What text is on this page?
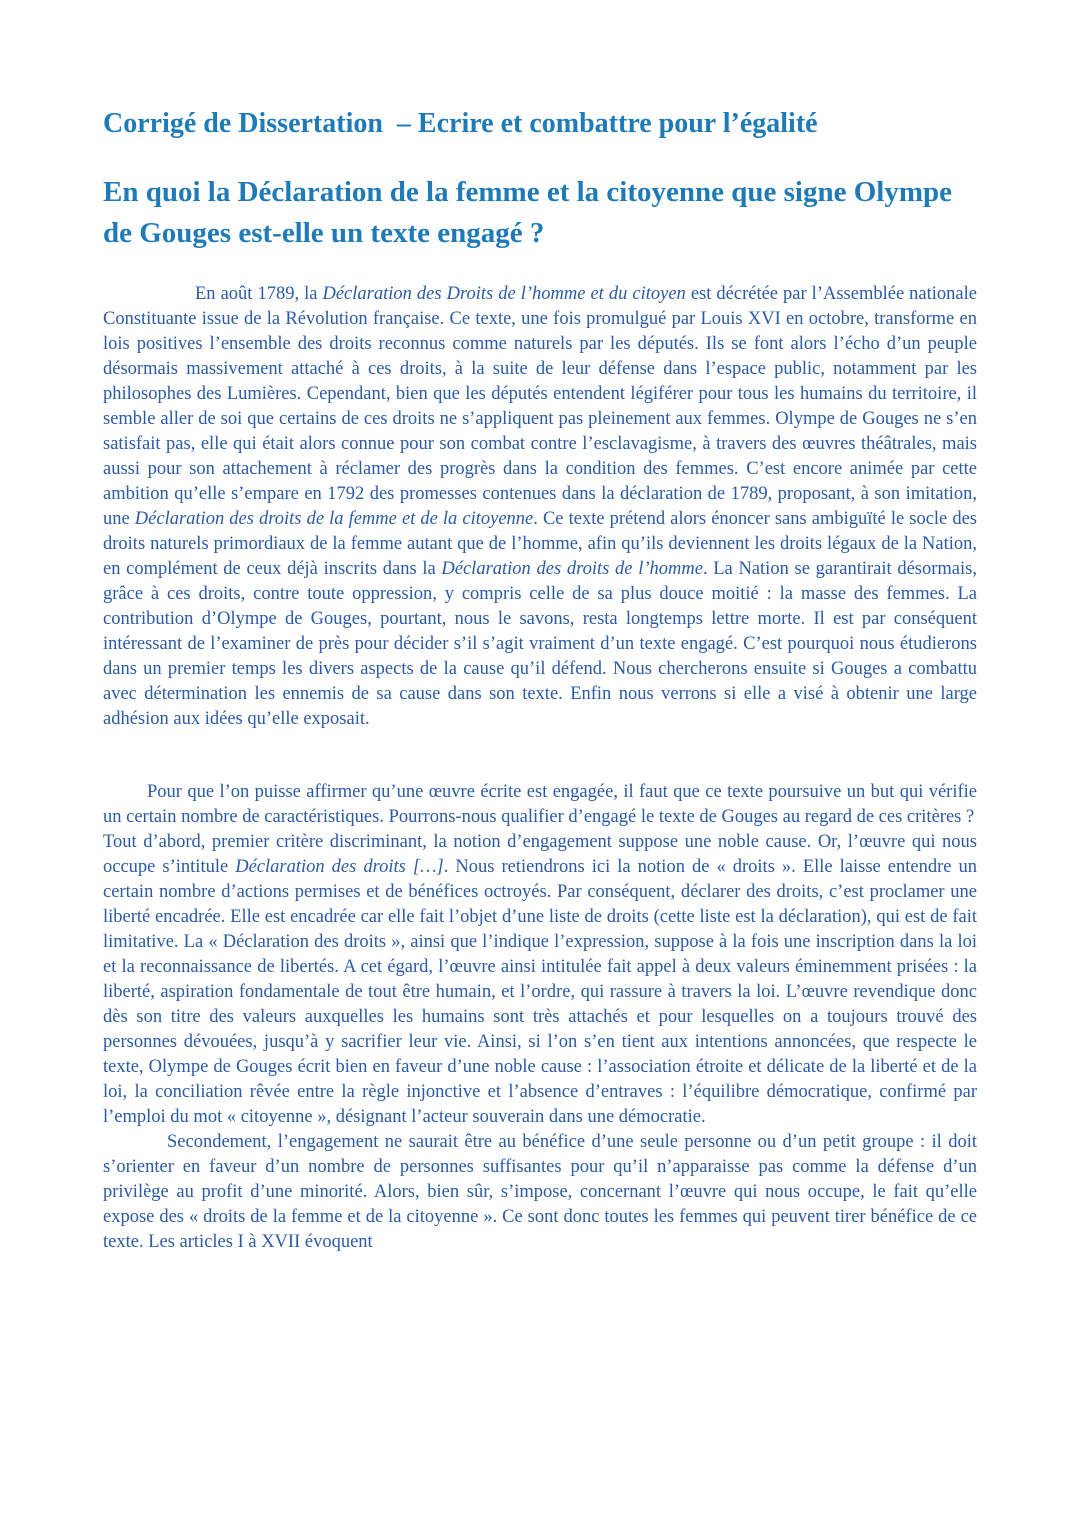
Corrigé de Dissertation  – Ecrire et combattre pour l’égalité
En quoi la Déclaration de la femme et la citoyenne que signe Olympe de Gouges est-elle un texte engagé ?

En août 1789, la Déclaration des Droits de l’homme et du citoyen est décrétée par l’Assemblée nationale Constituante issue de la Révolution française. Ce texte, une fois promulgué par Louis XVI en octobre, transforme en lois positives l’ensemble des droits reconnus comme naturels par les députés. Ils se font alors l’écho d’un peuple désormais massivement attaché à ces droits, à la suite de leur défense dans l’espace public, notamment par les philosophes des Lumières. Cependant, bien que les députés entendent légiférer pour tous les humains du territoire, il semble aller de soi que certains de ces droits ne s’appliquent pas pleinement aux femmes. Olympe de Gouges ne s’en satisfait pas, elle qui était alors connue pour son combat contre l’esclavagisme, à travers des œuvres théâtrales, mais aussi pour son attachement à réclamer des progrès dans la condition des femmes. C’est encore animée par cette ambition qu’elle s’empare en 1792 des promesses contenues dans la déclaration de 1789, proposant, à son imitation, une Déclaration des droits de la femme et de la citoyenne. Ce texte prétend alors énoncer sans ambiguïté le socle des droits naturels primordiaux de la femme autant que de l’homme, afin qu’ils deviennent les droits légaux de la Nation, en complément de ceux déjà inscrits dans la Déclaration des droits de l’homme. La Nation se garantirait désormais, grâce à ces droits, contre toute oppression, y compris celle de sa plus douce moitié : la masse des femmes. La contribution d’Olympe de Gouges, pourtant, nous le savons, resta longtemps lettre morte. Il est par conséquent intéressant de l’examiner de près pour décider s’il s’agit vraiment d’un texte engagé. C’est pourquoi nous étudierons dans un premier temps les divers aspects de la cause qu’il défend. Nous chercherons ensuite si Gouges a combattu avec détermination les ennemis de sa cause dans son texte. Enfin nous verrons si elle a visé à obtenir une large adhésion aux idées qu’elle exposait.

Pour que l’on puisse affirmer qu’une œuvre écrite est engagée, il faut que ce texte poursuive un but qui vérifie un certain nombre de caractéristiques. Pourrons-nous qualifier d’engagé le texte de Gouges au regard de ces critères ?

Tout d’abord, premier critère discriminant, la notion d’engagement suppose une noble cause. Or, l’œuvre qui nous occupe s’intitule Déclaration des droits […]. Nous retiendrons ici la notion de « droits ». Elle laisse entendre un certain nombre d’actions permises et de bénéfices octroyés. Par conséquent, déclarer des droits, c’est proclamer une liberté encadrée. Elle est encadrée car elle fait l’objet d’une liste de droits (cette liste est la déclaration), qui est de fait limitative. La « Déclaration des droits », ainsi que l’indique l’expression, suppose à la fois une inscription dans la loi et la reconnaissance de libertés. A cet égard, l’œuvre ainsi intitulée fait appel à deux valeurs éminemment prisées : la liberté, aspiration fondamentale de tout être humain, et l’ordre, qui rassure à travers la loi. L’œuvre revendique donc dès son titre des valeurs auxquelles les humains sont très attachés et pour lesquelles on a toujours trouvé des personnes dévouées, jusqu’à y sacrifier leur vie. Ainsi, si l’on s’en tient aux intentions annoncées, que respecte le texte, Olympe de Gouges écrit bien en faveur d’une noble cause : l’association étroite et délicate de la liberté et de la loi, la conciliation rêvée entre la règle injonctive et l’absence d’entraves : l’équilibre démocratique, confirmé par l’emploi du mot « citoyenne », désignant l’acteur souverain dans une démocratie.

Secondement, l’engagement ne saurait être au bénéfice d’une seule personne ou d’un petit groupe : il doit s’orienter en faveur d’un nombre de personnes suffisantes pour qu’il n’apparaisse pas comme la défense d’un privilège au profit d’une minorité. Alors, bien sûr, s’impose, concernant l’œuvre qui nous occupe, le fait qu’elle expose des « droits de la femme et de la citoyenne ». Ce sont donc toutes les femmes qui peuvent tirer bénéfice de ce texte. Les articles I à XVII évoquent
